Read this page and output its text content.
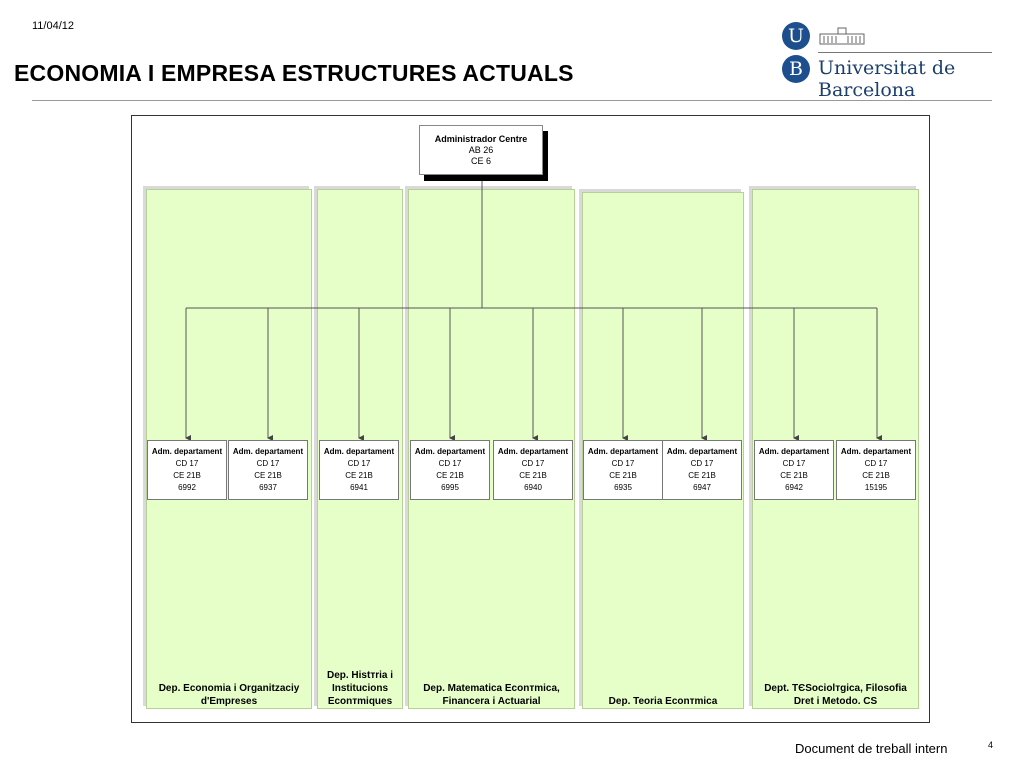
11/04/12
ECONOMIA I EMPRESA ESTRUCTURES ACTUALS
U
B Universitat de Barcelona
Dep. Economia i Organitzaciy d'Empreses
Dep. Histтria i Institucions Econтmiques
Dep. Matematica Econтmica, Financera i Actuarial	Dep. Teoria Econтmica
Dept. TЄSociolтgica, Filosofia Dret i Metodo. CS
Administrador Centre
AB 26
CE 6
Adm. departament
CD 17
CE 21B
6992
Adm. departament
CD 17
CE 21B
6937
Adm. departament
CD 17
CE 21B
6941
Adm. departament
CD 17
CE 21B
6995
Adm. departament
CD 17
CE 21B
6940
Adm. departament
CD 17
CE 21B
6935
Adm. departament
CD 17
CE 21B
6947
Adm. departament
CD 17
CE 21B
6942
Adm. departament
CD 17
CE 21B
15195
Document de treball intern	4
